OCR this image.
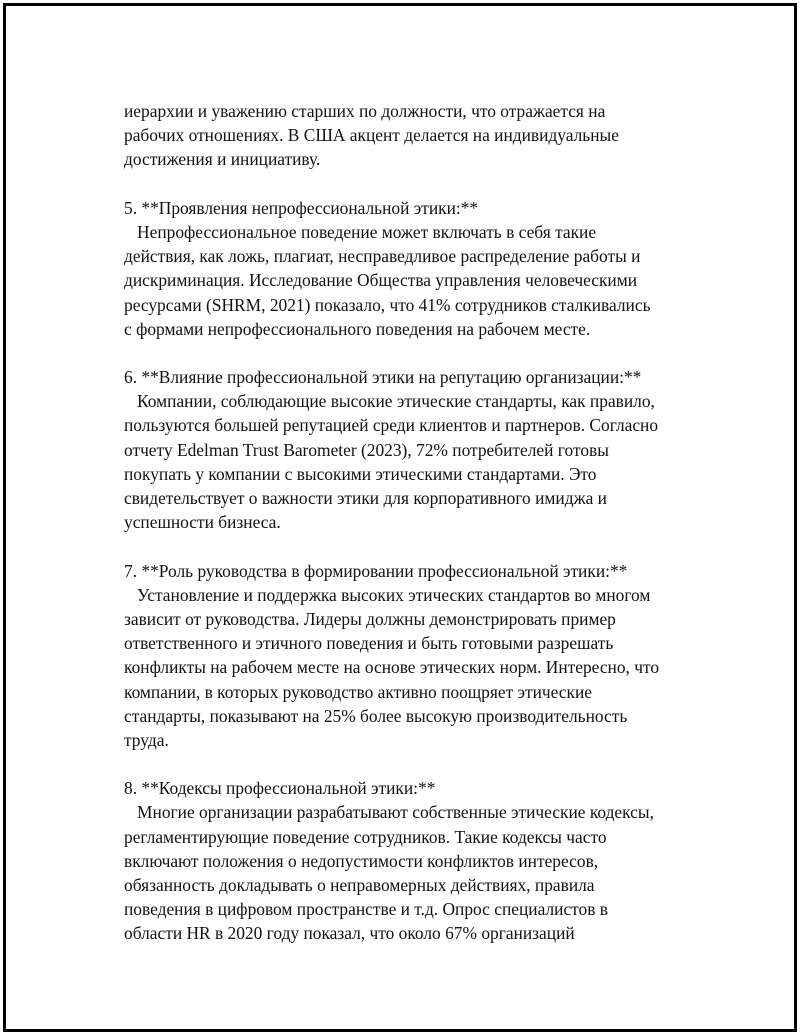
иерархии и уважению старших по должности, что отражается на
рабочих отношениях. В США акцент делается на индивидуальные
достижения и инициативу.
5. **Проявления непрофессиональной этики:**
Непрофессиональное поведение может включать в себя такие
действия, как ложь, плагиат, несправедливое распределение работы и
дискриминация. Исследование Общества управления человеческими
ресурсами (SHRM, 2021) показало, что 41% сотрудников сталкивались
с формами непрофессионального поведения на рабочем месте.
6. **Влияние профессиональной этики на репутацию организации:**
Компании, соблюдающие высокие этические стандарты, как правило,
пользуются большей репутацией среди клиентов и партнеров. Согласно
отчету Edelman Trust Barometer (2023), 72% потребителей готовы
покупать у компании с высокими этическими стандартами. Это
свидетельствует о важности этики для корпоративного имиджа и
успешности бизнеса.
7. **Роль руководства в формировании профессиональной этики:**
Установление и поддержка высоких этических стандартов во многом
зависит от руководства. Лидеры должны демонстрировать пример
ответственного и этичного поведения и быть готовыми разрешать
конфликты на рабочем месте на основе этических норм. Интересно, что
компании, в которых руководство активно поощряет этические
стандарты, показывают на 25% более высокую производительность
труда.
8. **Кодексы профессиональной этики:**
Многие организации разрабатывают собственные этические кодексы,
регламентирующие поведение сотрудников. Такие кодексы часто
включают положения о недопустимости конфликтов интересов,
обязанность докладывать о неправомерных действиях, правила
поведения в цифровом пространстве и т.д. Опрос специалистов в
области HR в 2020 году показал, что около 67% организаций
